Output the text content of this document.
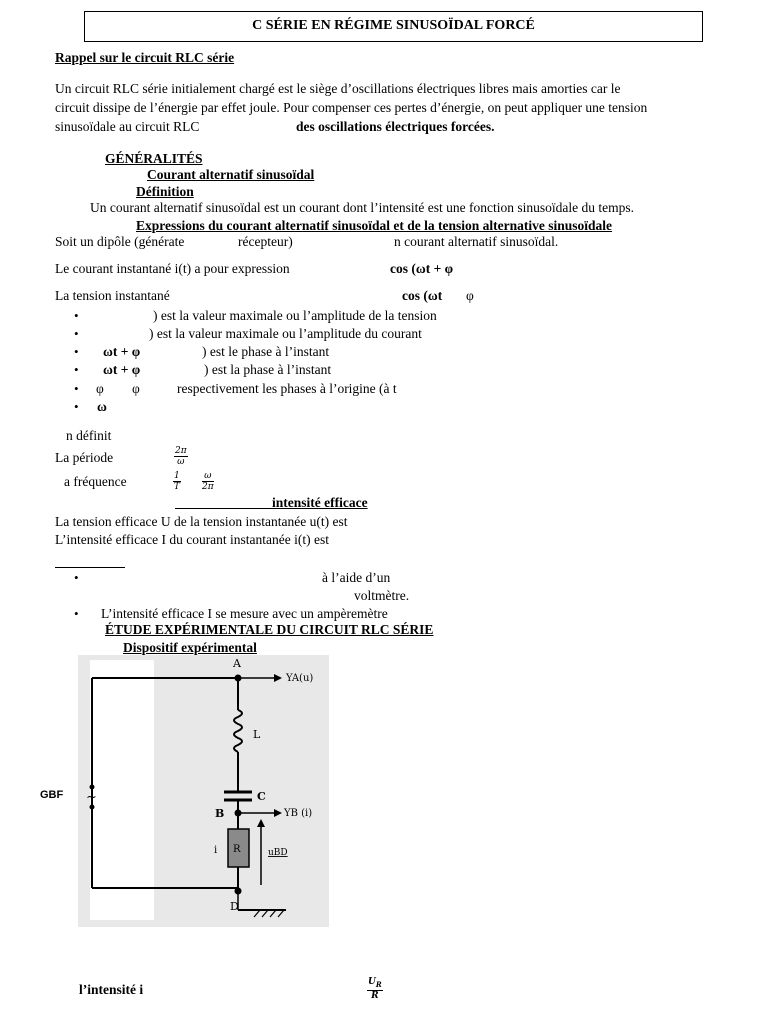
C SÉRIE EN RÉGIME SINUSOÏDAL FORCÉ
Rappel sur le circuit RLC série
Un circuit RLC série initialement chargé est le siège d’oscillations électriques libres mais amorties car le
circuit dissipe de l’énergie par effet joule. Pour compenser ces pertes d’énergie, on peut appliquer une tension
sinusoïdale au circuit RLC	des oscillations électriques forcées.
GÉNÉRALITÉS
Courant alternatif sinusoïdal
Définition
Un courant alternatif sinusoïdal est un courant dont l’intensité est une fonction sinusoïdale du temps.
Expressions du courant alternatif sinusoïdal et de la tension alternative sinusoïdale
Soit un dipôle (générate	récepteur)	n courant alternatif sinusoïdal.
Le courant instantané i(t) a pour expression	cos (ωt + φ
La tension instantané	cos (ωt φ
•	) est la valeur maximale ou l’amplitude de la tension
•	) est la valeur maximale ou l’amplitude du courant
• ωt + φ	) est le phase à l’instant
• ωt + φ	) est la phase à l’instant
• φ φ	respectivement les phases à l’origine (à t
• ω
n définit
La période	$\frac{2\pi}{\omega}$
a fréquence	$\frac{1}{T} \frac{\omega}{2\pi}$
intensité efficace
La tension efficace U de la tension instantanée u(t) est
L’intensité efficace I du courant instantanée i(t) est
•	à l’aide d’un
voltmètre.
• L’intensité efficace I se mesure avec un ampèremètre
ÉTUDE EXPÉRIMENTALE DU CIRCUIT RLC SÉRIE
Dispositif expérimental
GBF ~
A
L
C
B
R
i
D
YA(u)
YB (i)
uBD
l’intensité i	$\frac{U_R}{R}$
